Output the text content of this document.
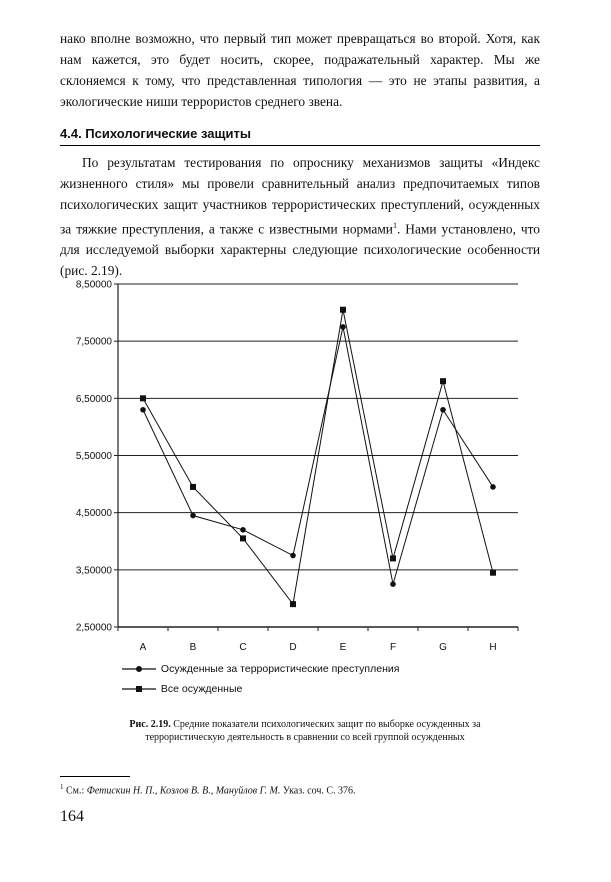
нако вполне возможно, что первый тип может превращаться во второй. Хотя, как нам кажется, это будет носить, скорее, подражательный характер. Мы же склоняемся к тому, что представленная типология — это не этапы развития, а экологические ниши террористов среднего звена.

4.4. Психологические защиты

По результатам тестирования по опроснику механизмов защиты «Индекс жизненного стиля» мы провели сравнительный анализ предпочитаемых типов психологических защит участников террористических преступлений, осужденных за тяжкие преступления, а также с известными нормами$^1$. Нами установлено, что для исследуемой выборки характерны следующие психологические особенности (рис. 2.19).

8,50000
7,50000
6,50000
5,50000
4,50000
3,50000
2,50000
A	B	C	D	E	F	G	H
Осужденные за террористические преступления
Все осужденные
Рис. 2.19. Средние показатели психологических защит по выборке осужденных за террористическую деятельность в сравнении со всей группой осужденных
$^1$ См.: Фетискин Н. П., Козлов В. В., Мануйлов Г. М. Указ. соч. С. 376.
164
